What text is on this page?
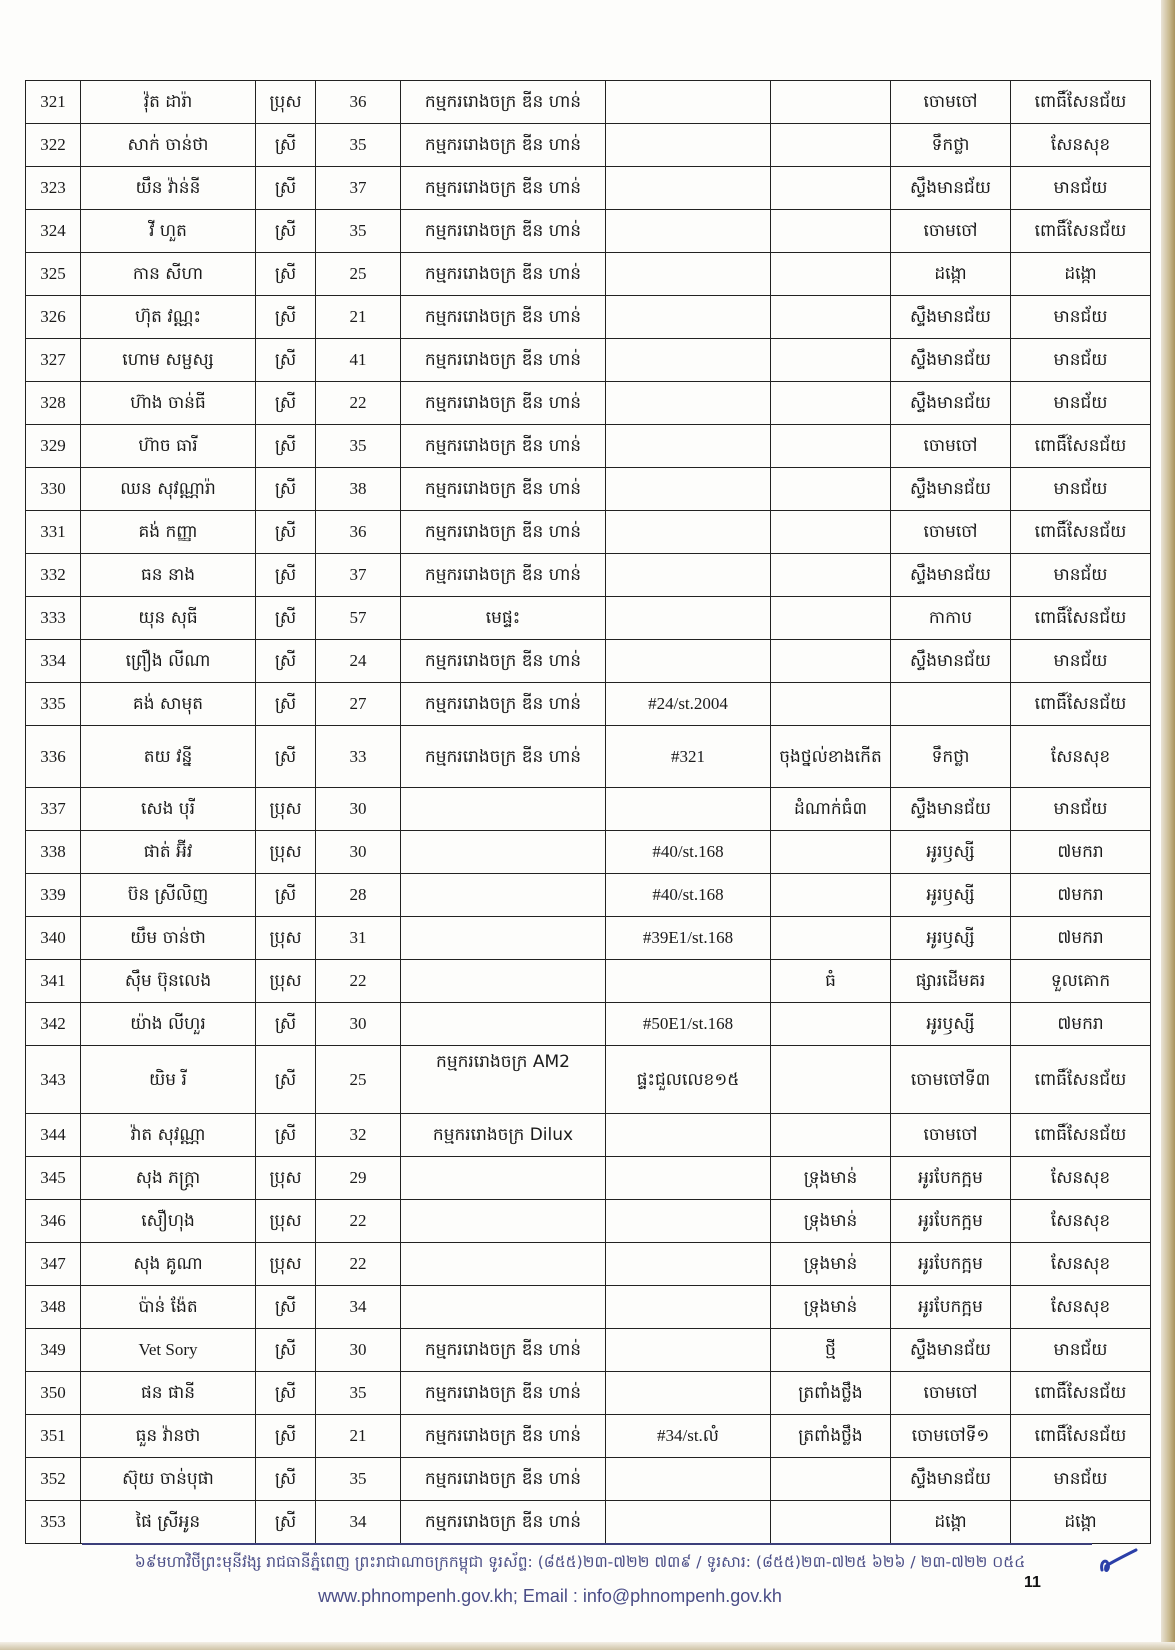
321	វ៉ុត ដារ៉ា	ប្រុស	36	កម្មកររោងចក្រ ឌីន ហាន់			ចោមចៅ	ពោធិ៍សែនជ័យ
322	សាក់ ចាន់ថា	ស្រី	35	កម្មកររោងចក្រ ឌីន ហាន់			ទឹកថ្លា	សែនសុខ
323	យឹន វ៉ាន់នី	ស្រី	37	កម្មកររោងចក្រ ឌីន ហាន់			ស្ទឹងមានជ័យ	មានជ័យ
324	វី ហួត	ស្រី	35	កម្មកររោងចក្រ ឌីន ហាន់			ចោមចៅ	ពោធិ៍សែនជ័យ
325	កាន សីហា	ស្រី	25	កម្មកររោងចក្រ ឌីន ហាន់			ដង្កោ	ដង្កោ
326	ហ៊ុត វណ្ណះ	ស្រី	21	កម្មកររោងចក្រ ឌីន ហាន់			ស្ទឹងមានជ័យ	មានជ័យ
327	ហោម សម្ផស្ស	ស្រី	41	កម្មកររោងចក្រ ឌីន ហាន់			ស្ទឹងមានជ័យ	មានជ័យ
328	ហ៊ាង ចាន់ធី	ស្រី	22	កម្មកររោងចក្រ ឌីន ហាន់			ស្ទឹងមានជ័យ	មានជ័យ
329	ហ៊ាច ធារី	ស្រី	35	កម្មកររោងចក្រ ឌីន ហាន់			ចោមចៅ	ពោធិ៍សែនជ័យ
330	ឈន សុវណ្ណារ៉ា	ស្រី	38	កម្មកររោងចក្រ ឌីន ហាន់			ស្ទឹងមានជ័យ	មានជ័យ
331	គង់ កញ្ញា	ស្រី	36	កម្មកររោងចក្រ ឌីន ហាន់			ចោមចៅ	ពោធិ៍សែនជ័យ
332	ធន នាង	ស្រី	37	កម្មកររោងចក្រ ឌីន ហាន់			ស្ទឹងមានជ័យ	មានជ័យ
333	យុន សុធី	ស្រី	57	មេផ្ទះ			កាកាប	ពោធិ៍សែនជ័យ
334	ព្រឿង លីណា	ស្រី	24	កម្មកររោងចក្រ ឌីន ហាន់			ស្ទឹងមានជ័យ	មានជ័យ
335	គង់ សាមុត	ស្រី	27	កម្មកររោងចក្រ ឌីន ហាន់	#24/st.2004			ពោធិ៍សែនជ័យ
336	តយ វន្នី	ស្រី	33	កម្មកររោងចក្រ ឌីន ហាន់	#321	ចុងថ្នល់ខាងកើត	ទឹកថ្លា	សែនសុខ
337	សេង បុរី	ប្រុស	30			ដំណាក់ធំ៣	ស្ទឹងមានជ័យ	មានជ័យ
338	ផាត់ អ៊ីវ	ប្រុស	30		#40/st.168		អូរឫស្សី	៧មករា
339	ប៊ន ស្រីលិញ	ស្រី	28		#40/st.168		អូរឫស្សី	៧មករា
340	យឹម ចាន់ថា	ប្រុស	31		#39E1/st.168		អូរឫស្សី	៧មករា
341	ស៊ឹម ប៊ុនលេង	ប្រុស	22			ធំ	ផ្សារដើមគរ	ទួលគោក
342	យ៉ាង លីហួរ	ស្រី	30		#50E1/st.168		អូរឫស្សី	៧មករា
343	យិម រី	ស្រី	25	កម្មកររោងចក្រ AM2	ផ្ទះជួលលេខ១៥		ចោមចៅទី៣	ពោធិ៍សែនជ័យ
344	វ៉ាត សុវណ្ណា	ស្រី	32	កម្មកររោងចក្រ Dilux			ចោមចៅ	ពោធិ៍សែនជ័យ
345	សុង ភក្ត្រា	ប្រុស	29			ទ្រុងមាន់	អូរបែកក្អម	សែនសុខ
346	សឿហុង	ប្រុស	22			ទ្រុងមាន់	អូរបែកក្អម	សែនសុខ
347	សុង គូណា	ប្រុស	22			ទ្រុងមាន់	អូរបែកក្អម	សែនសុខ
348	ប៉ាន់ ង៉ែត	ស្រី	34			ទ្រុងមាន់	អូរបែកក្អម	សែនសុខ
349	Vet Sory	ស្រី	30	កម្មកររោងចក្រ ឌីន ហាន់		ថ្មី	ស្ទឹងមានជ័យ	មានជ័យ
350	ផន ផានី	ស្រី	35	កម្មកររោងចក្រ ឌីន ហាន់		ត្រពាំងថ្លឹង	ចោមចៅ	ពោធិ៍សែនជ័យ
351	ធួន វ៉ានថា	ស្រី	21	កម្មកររោងចក្រ ឌីន ហាន់	#34/st.លំ	ត្រពាំងថ្លឹង	ចោមចៅទី១	ពោធិ៍សែនជ័យ
352	ស៊ុយ ចាន់បុផា	ស្រី	35	កម្មកររោងចក្រ ឌីន ហាន់			ស្ទឹងមានជ័យ	មានជ័យ
353	ផៃ ស្រីអូន	ស្រី	34	កម្មកររោងចក្រ ឌីន ហាន់			ដង្កោ	ដង្កោ
៦៩មហាវិថីព្រះមុនីវង្ស រាជធានីភ្នំពេញ ព្រះរាជាណាចក្រកម្ពុជា ទូរស័ព្ទ: (៨៥៥)២៣-៧២២ ៧៣៩ / ទូរសារ: (៨៥៥)២៣-៧២៥ ៦២៦ / ២៣-៧២២ ០៥៤
www.phnompenh.gov.kh; Email : info@phnompenh.gov.kh
11
